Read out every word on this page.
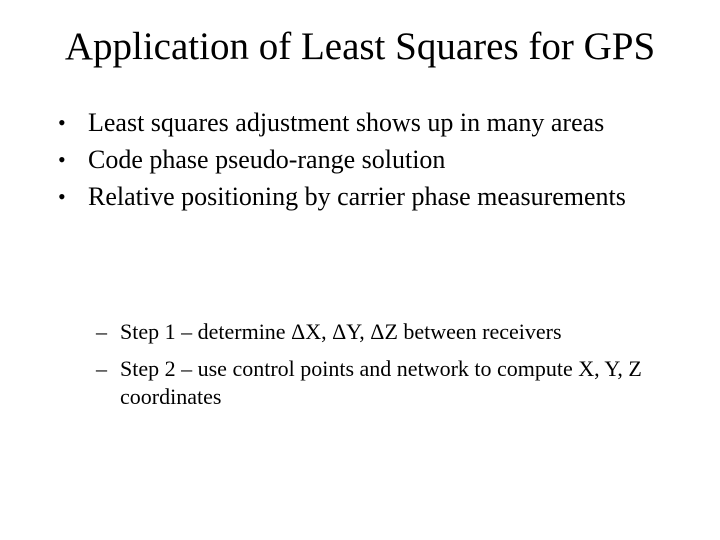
Application of Least Squares for GPS
• Least squares adjustment shows up in many areas
• Code phase pseudo-range solution
• Relative positioning by carrier phase measurements
– Step 1 – determine ΔX, ΔY, ΔZ between receivers
– Step 2 – use control points and network to compute X, Y, Z coordinates
